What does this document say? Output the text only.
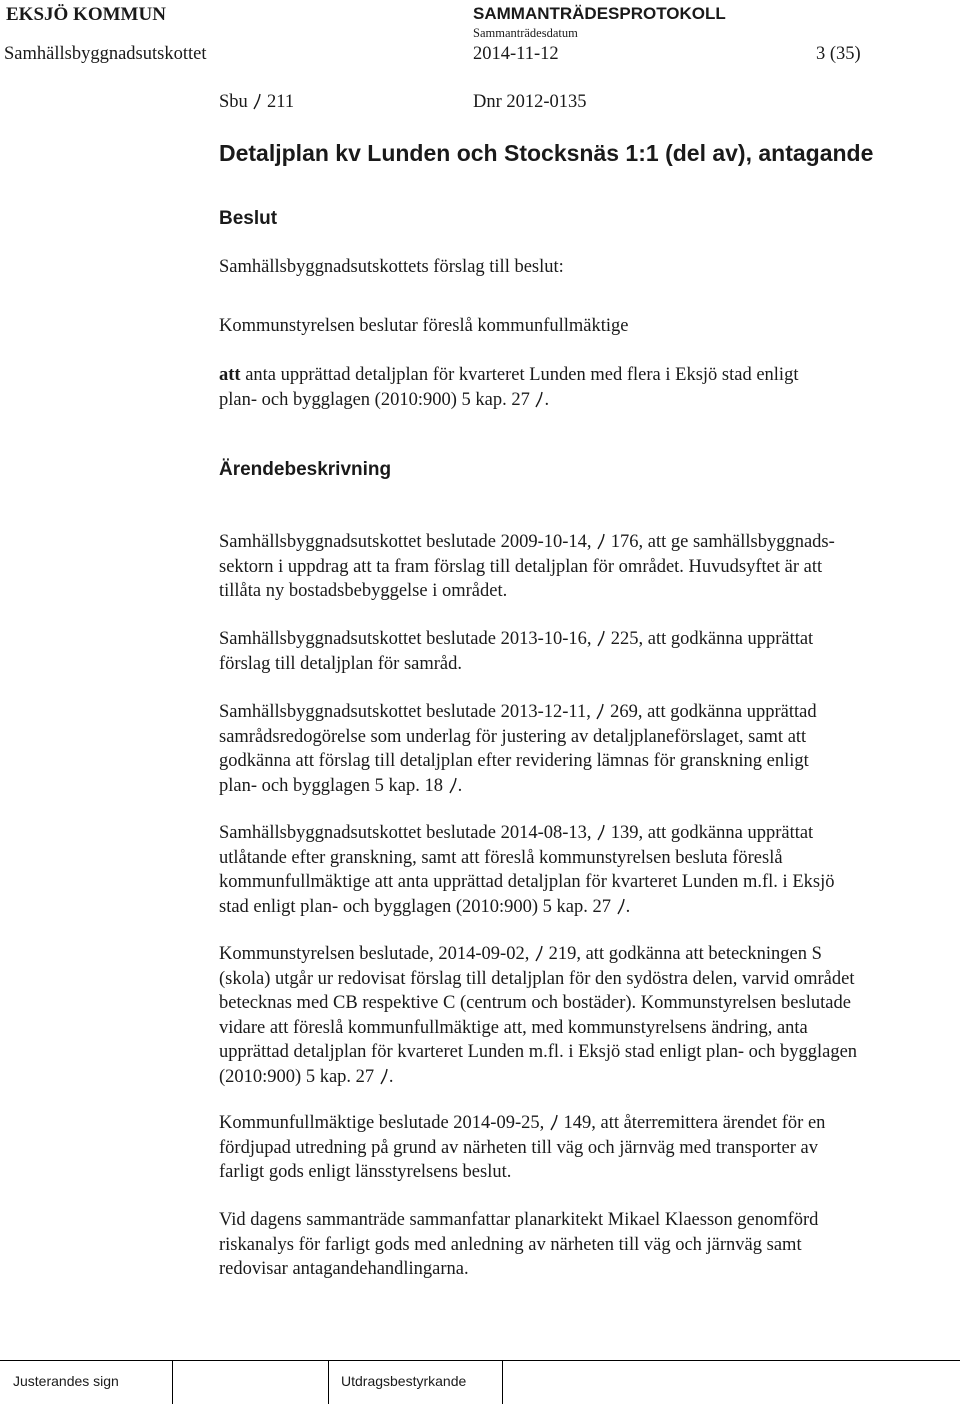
EKSJÖ KOMMUN	SAMMANTRÄDESPROTOKOLL
Sammanträdesdatum
Samhällsbyggnadsutskottet	2014-11-12	3 (35)
Sbu 211	Dnr 2012-0135
Detaljplan kv Lunden och Stocksnäs 1:1 (del av), antagande
Beslut
Samhällsbyggnadsutskottets förslag till beslut:
Kommunstyrelsen beslutar föreslå kommunfullmäktige
att anta upprättad detaljplan för kvarteret Lunden med flera i Eksjö stad enligt
plan- och bygglagen (2010:900) 5 kap. 27 .
Ärendebeskrivning
Samhällsbyggnadsutskottet beslutade 2009-10-14,
176, att ge samhällsbyggnads-
sektorn i uppdrag att ta fram förslag till detaljplan för området. Huvudsyftet är att
tillåta ny bostadsbebyggelse i området.
Samhällsbyggnadsutskottet beslutade 2013-10-16,
225, att godkänna upprättat
förslag till detaljplan för samråd.
Samhällsbyggnadsutskottet beslutade 2013-12-11,
269, att godkänna upprättad
samrådsredogörelse som underlag för justering av detaljplaneförslaget, samt att
godkänna att förslag till detaljplan efter revidering lämnas för granskning enligt
plan- och bygglagen 5 kap. 18 .
Samhällsbyggnadsutskottet beslutade 2014-08-13,
139, att godkänna upprättat
utlåtande efter granskning, samt att föreslå kommunstyrelsen besluta föreslå
kommunfullmäktige att anta upprättad detaljplan för kvarteret Lunden m.fl. i Eksjö
stad enligt plan- och bygglagen (2010:900) 5 kap. 27 .
Kommunstyrelsen beslutade, 2014-09-02,
219, att godkänna att beteckningen S
(skola) utgår ur redovisat förslag till detaljplan för den sydöstra delen, varvid området
betecknas med CB respektive C (centrum och bostäder). Kommunstyrelsen beslutade
vidare att föreslå kommunfullmäktige att, med kommunstyrelsens ändring, anta
upprättad detaljplan för kvarteret Lunden m.fl. i Eksjö stad enligt plan- och bygglagen
(2010:900) 5 kap. 27 .
Kommunfullmäktige beslutade 2014-09-25,
149, att återremittera ärendet för en
fördjupad utredning på grund av närheten till väg och järnväg med transporter av
farligt gods enligt länsstyrelsens beslut.
Vid dagens sammanträde sammanfattar planarkitekt Mikael Klaesson genomförd
riskanalys för farligt gods med anledning av närheten till väg och järnväg samt
redovisar antagandehandlingarna.
Justerandes sign	Utdragsbestyrkande
